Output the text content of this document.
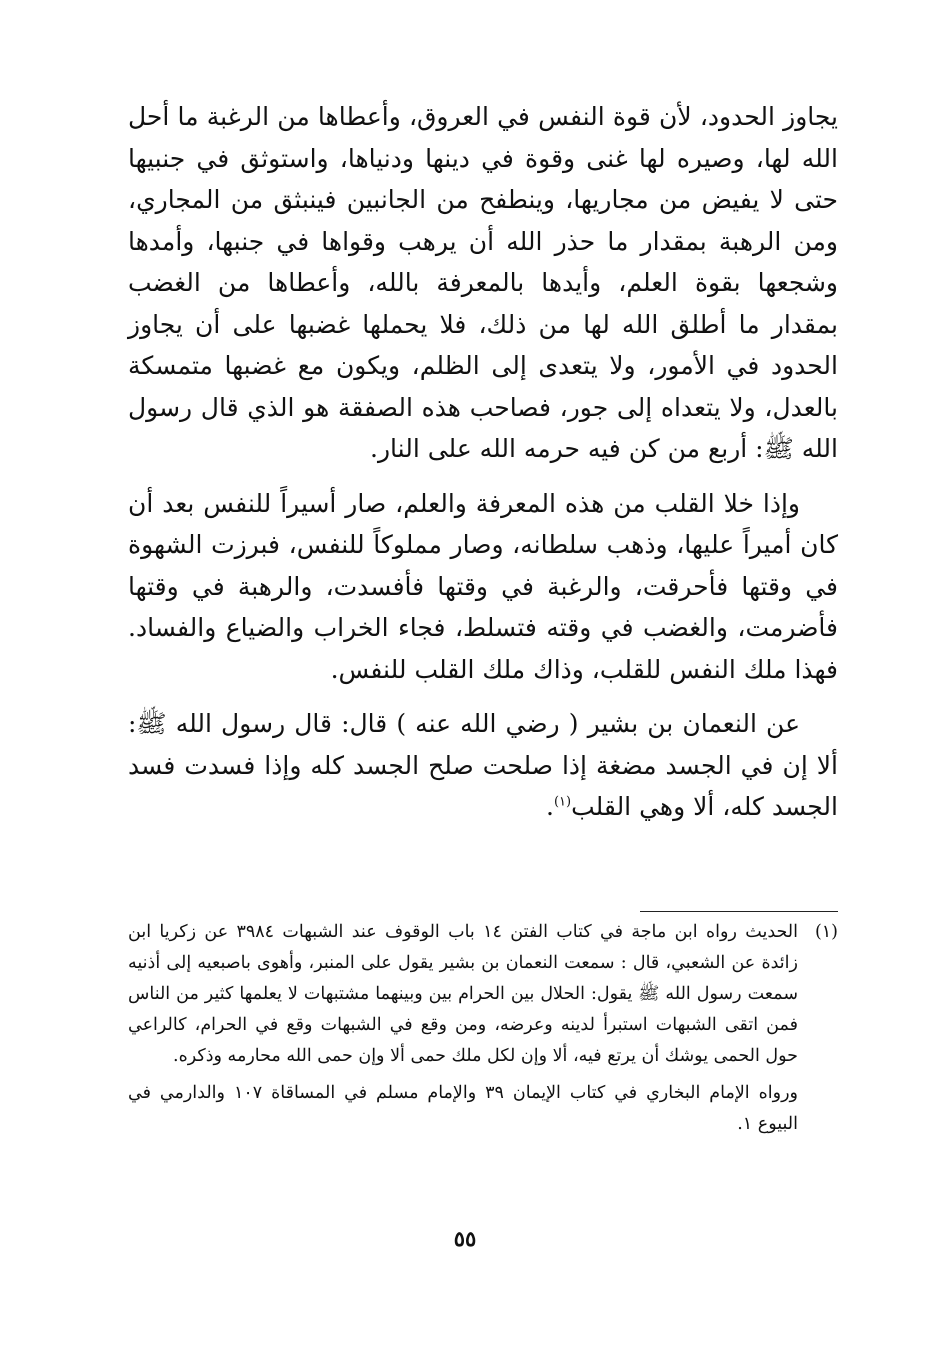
يجاوز الحدود، لأن قوة النفس في العروق، وأعطاها من الرغبة ما أحل الله لها، وصيره لها غنى وقوة في دينها ودنياها، واستوثق في جنبيها حتى لا يفيض من مجاريها، وينطفح من الجانبين فينبثق من المجاري، ومن الرهبة بمقدار ما حذر الله أن يرهب وقواها في جنبها، وأمدها وشجعها بقوة العلم، وأيدها بالمعرفة بالله، وأعطاها من الغضب بمقدار ما أطلق الله لها من ذلك، فلا يحملها غضبها على أن يجاوز الحدود في الأمور، ولا يتعدى إلى الظلم، ويكون مع غضبها متمسكة بالعدل، ولا يتعداه إلى جور، فصاحب هذه الصفقة هو الذي قال رسول الله ﷺ: أربع من كن فيه حرمه الله على النار.

وإذا خلا القلب من هذه المعرفة والعلم، صار أسيراً للنفس بعد أن كان أميراً عليها، وذهب سلطانه، وصار مملوكاً للنفس، فبرزت الشهوة في وقتها فأحرقت، والرغبة في وقتها فأفسدت، والرهبة في وقتها فأضرمت، والغضب في وقته فتسلط، فجاء الخراب والضياع والفساد. فهذا ملك النفس للقلب، وذاك ملك القلب للنفس.

عن النعمان بن بشير ( رضي الله عنه ) قال: قال رسول الله ﷺ: ألا إن في الجسد مضغة إذا صلحت صلح الجسد كله وإذا فسدت فسد الجسد كله، ألا وهي القلب$^{(١)}$.

(١)الحديث رواه ابن ماجة في كتاب الفتن ١٤ باب الوقوف عند الشبهات ٣٩٨٤ عن زكريا ابن زائدة عن الشعبي، قال : سمعت النعمان بن بشير يقول على المنبر، وأهوى باصبعيه إلى أذنيه سمعت رسول الله ﷺ يقول: الحلال بين الحرام بين وبينهما مشتبهات لا يعلمها كثير من الناس فمن اتقى الشبهات استبرأ لدينه وعرضه، ومن وقع في الشبهات وقع في الحرام، كالراعي حول الحمى يوشك أن يرتع فيه، ألا وإن لكل ملك حمى ألا وإن حمى الله محارمه وذكره.

ورواه الإمام البخاري في كتاب الإيمان ٣٩ والإمام مسلم في المساقاة ١٠٧ والدارمي في البيوع ١.

٥٥
